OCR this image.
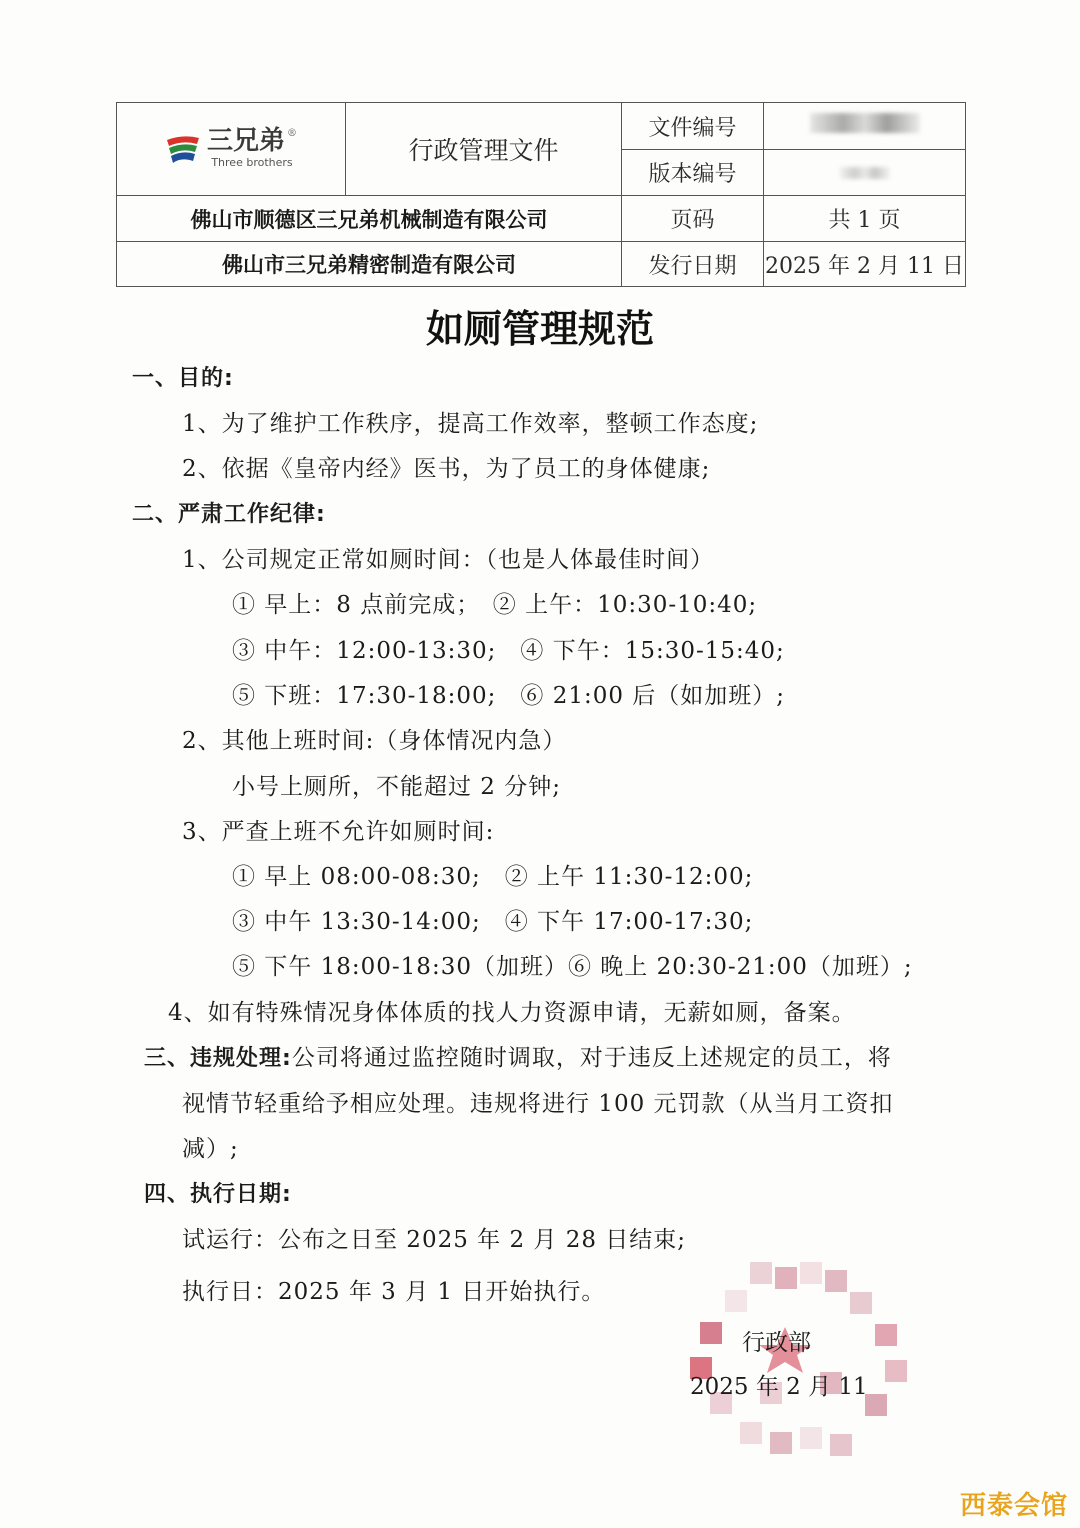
三兄弟 ®
Three brothers	行政管理文件	文件编号	
		版本编号	
佛山市顺德区三兄弟机械制造有限公司		页码	共 1 页
佛山市三兄弟精密制造有限公司		发行日期	2025 年 2 月 11 日
如厕管理规范
一、目的:
1、为了维护工作秩序，提高工作效率，整顿工作态度;
2、依据《皇帝内经》医书，为了员工的身体健康;
二、严肃工作纪律:
1、公司规定正常如厕时间：（也是人体最佳时间）
① 早上：8 点前完成；　② 上午：10:30-10:40;
③ 中午：12:00-13:30;　④ 下午：15:30-15:40;
⑤ 下班：17:30-18:00;　⑥ 21:00 后（如加班）;
2、其他上班时间:（身体情况内急）
小号上厕所，不能超过 2 分钟;
3、严查上班不允许如厕时间:
① 早上 08:00-08:30;　② 上午 11:30-12:00;
③ 中午 13:30-14:00;　④ 下午 17:00-17:30;
⑤ 下午 18:00-18:30（加班）⑥ 晚上 20:30-21:00（加班）;
4、如有特殊情况身体体质的找人力资源申请，无薪如厕，备案。
三、违规处理:公司将通过监控随时调取，对于违反上述规定的员工，将
视情节轻重给予相应处理。违规将进行 100 元罚款（从当月工资扣
减）;
四、执行日期:
试运行：公布之日至 2025 年 2 月 28 日结束;
执行日：2025 年 3 月 1 日开始执行。
行政部
2025 年 2 月 11
西泰会馆
